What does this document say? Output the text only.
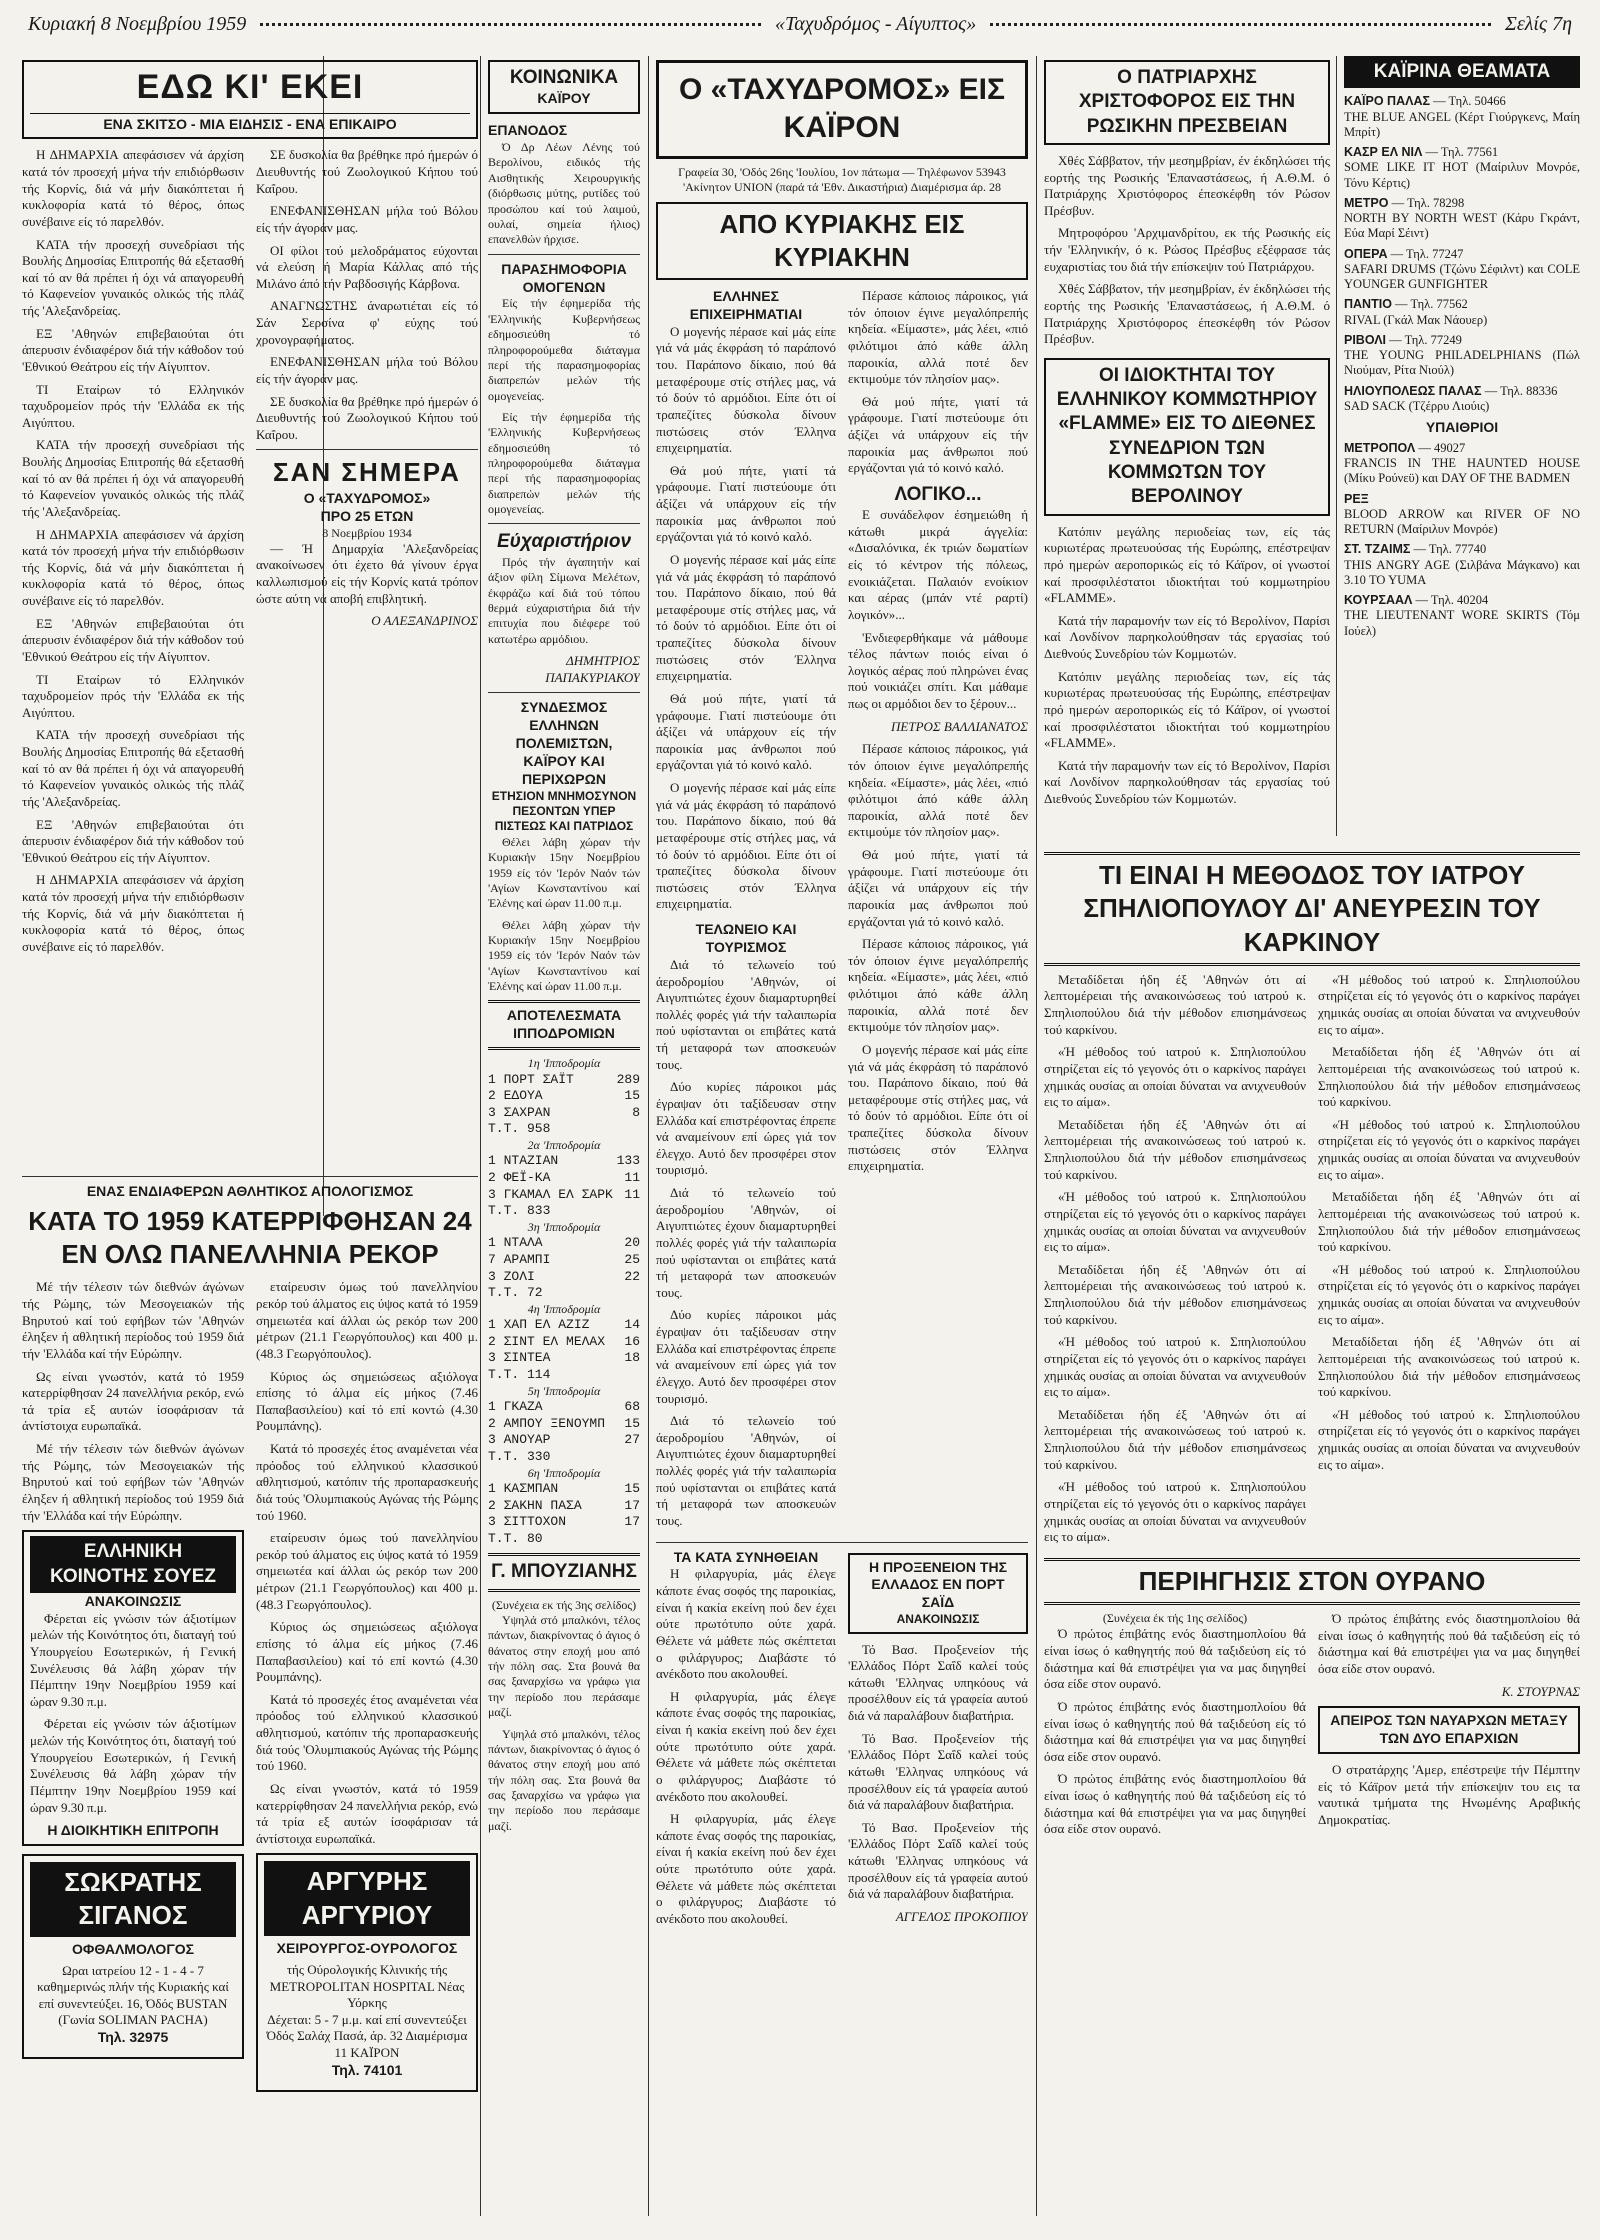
Κυριακή 8 Νοεμβρίου 1959	«Ταχυδρόμος - Αίγυπτος»	Σελίς 7η
ΕΔΩ ΚΙ' ΕΚΕΙ
ΕΝΑ ΣΚΙΤΣΟ - ΜΙΑ ΕΙΔΗΣΙΣ - ΕΝΑ ΕΠΙΚΑΙΡΟ

Η ΔΗΜΑΡΧΙΑ απεφάσισεν νά άρχίση κατά τόν προσεχή μήνα τήν επιδιόρθωσιν τής Κορνίς, διά νά μήν διακόπτεται ή κυκλοφορία κατά τό θέρος, όπως συνέβαινε είς τό παρελθόν.

ΚΑΤΑ τήν προσεχή συνεδρίασι τής Βουλής Δημοσίας Επιτροπής θά εξετασθή καί τό αν θά πρέπει ή όχι νά απαγορευθή τό Καφενείον γυναικός ολικώς τής πλάζ τής 'Αλεξανδρείας.

ΕΞ 'Αθηνών επιβεβαιούται ότι άπερυσιν ένδιαφέρον διά τήν κάθοδον τού 'Εθνικού Θεάτρου είς τήν Αίγυπτον.

ΤΙ Εταίρων τό Ελληνικόν ταχυδρομείον πρός τήν 'Ελλάδα εκ τής Αιγύπτου.

ΚΑΤΑ τήν προσεχή συνεδρίασι τής Βουλής Δημοσίας Επιτροπής θά εξετασθή καί τό αν θά πρέπει ή όχι νά απαγορευθή τό Καφενείον γυναικός ολικώς τής πλάζ τής 'Αλεξανδρείας.

Η ΔΗΜΑΡΧΙΑ απεφάσισεν νά άρχίση κατά τόν προσεχή μήνα τήν επιδιόρθωσιν τής Κορνίς, διά νά μήν διακόπτεται ή κυκλοφορία κατά τό θέρος, όπως συνέβαινε είς τό παρελθόν.

ΕΞ 'Αθηνών επιβεβαιούται ότι άπερυσιν ένδιαφέρον διά τήν κάθοδον τού 'Εθνικού Θεάτρου είς τήν Αίγυπτον.

ΤΙ Εταίρων τό Ελληνικόν ταχυδρομείον πρός τήν 'Ελλάδα εκ τής Αιγύπτου.

ΚΑΤΑ τήν προσεχή συνεδρίασι τής Βουλής Δημοσίας Επιτροπής θά εξετασθή καί τό αν θά πρέπει ή όχι νά απαγορευθή τό Καφενείον γυναικός ολικώς τής πλάζ τής 'Αλεξανδρείας.

ΕΞ 'Αθηνών επιβεβαιούται ότι άπερυσιν ένδιαφέρον διά τήν κάθοδον τού 'Εθνικού Θεάτρου είς τήν Αίγυπτον.

Η ΔΗΜΑΡΧΙΑ απεφάσισεν νά άρχίση κατά τόν προσεχή μήνα τήν επιδιόρθωσιν τής Κορνίς, διά νά μήν διακόπτεται ή κυκλοφορία κατά τό θέρος, όπως συνέβαινε είς τό παρελθόν.

ΣΕ δυσκολία θα βρέθηκε πρό ήμερών ό Διευθυντής τού Ζωολογικού Κήπου τού Καΐρου.

ΕΝΕΦΑΝΙΣΘΗΣΑΝ μήλα τού Βόλου είς τήν άγοράν μας.

ΟΙ φίλοι τού μελοδράματος εύχονται νά ελεύση ή Μαρία Κάλλας από τής Μιλάνο άπό τήν Ραβδοσιγής Κάρβονα.

ΑΝΑΓΝΩΣΤΗΣ άναρωτιέται είς τό Σάν Σερσίνα φ' εύχης τού χρονογραφήματος.

ΕΝΕΦΑΝΙΣΘΗΣΑΝ μήλα τού Βόλου είς τήν άγοράν μας.

ΣΕ δυσκολία θα βρέθηκε πρό ήμερών ό Διευθυντής τού Ζωολογικού Κήπου τού Καΐρου.

ΣΑΝ ΣΗΜΕΡΑ
Ο «ΤΑΧΥΔΡΟΜΟΣ»
ΠΡΟ 25 ΕΤΩΝ
8 Νοεμβρίου 1934

— Ή Δημαρχία 'Αλεξανδρείας ανακοίνωσεν ότι έχετο θά γίνουν έργα καλλωπισμού είς τήν Κορνίς κατά τρόπον ώστε αύτη νά αποβή επιβλητική.

Ο ΑΛΕΞΑΝΔΡΙΝΟΣ
ΕΝΑΣ ΕΝΔΙΑΦΕΡΩΝ ΑΘΛΗΤΙΚΟΣ ΑΠΟΛΟΓΙΣΜΟΣ
ΚΑΤΑ ΤΟ 1959 ΚΑΤΕΡΡΙΦΘΗΣΑΝ 24 ΕΝ ΟΛΩ ΠΑΝΕΛΛΗΝΙΑ ΡΕΚΟΡ

Μέ τήν τέλεσιν τών διεθνών άγώνων τής Ρώμης, τών Μεσογειακών τής Βηρυτού καί τού εφήβων τών 'Αθηνών έληξεν ή αθλητική περίοδος τού 1959 διά τήν 'Ελλάδα καί τήν Εύρώπην.

Ως είναι γνωστόν, κατά τό 1959 κατερρίφθησαν 24 πανελλήνια ρεκόρ, ενώ τά τρία εξ αυτών ίσοφάρισαν τά άντίστοιχα ευρωπαϊκά.

Μέ τήν τέλεσιν τών διεθνών άγώνων τής Ρώμης, τών Μεσογειακών τής Βηρυτού καί τού εφήβων τών 'Αθηνών έληξεν ή αθλητική περίοδος τού 1959 διά τήν 'Ελλάδα καί τήν Εύρώπην.

ΕΛΛΗΝΙΚΗ ΚΟΙΝΟΤΗΣ ΣΟΥΕΖ
ΑΝΑΚΟΙΝΩΣΙΣ

Φέρεται είς γνώσιν τών άξιοτίμων μελών τής Κοινότητος ότι, διαταγή τού Υπουργείου Εσωτερικών, ή Γενική Συνέλευσις θά λάβη χώραν τήν Πέμπτην 19ην Νοεμβρίου 1959 καί ώραν 9.30 π.μ.

Φέρεται είς γνώσιν τών άξιοτίμων μελών τής Κοινότητος ότι, διαταγή τού Υπουργείου Εσωτερικών, ή Γενική Συνέλευσις θά λάβη χώραν τήν Πέμπτην 19ην Νοεμβρίου 1959 καί ώραν 9.30 π.μ.

Η ΔΙΟΙΚΗΤΙΚΗ ΕΠΙΤΡΟΠΗ
ΣΩΚΡΑΤΗΣ ΣΙΓΑΝΟΣ
ΟΦΘΑΛΜΟΛΟΓΟΣ
Ωραι ιατρείου 12 - 1 - 4 - 7
καθημερινώς πλήν τής Κυριακής καί επί συνεντεύξει. 16, Όδός BUSTAN (Γωνία SOLIMAN PACHA)
Τηλ. 32975

εταίρευσιν όμως τού πανελληνίου ρεκόρ τού άλματος εις ύψος κατά τό 1959 σημειωτέα καί άλλαι ώς ρεκόρ των 200 μέτρων (21.1 Γεωργόπουλος) και 400 μ. (48.3 Γεωργόπουλος).

Κύριος ώς σημειώσεως αξιόλογα επίσης τό άλμα είς μήκος (7.46 Παπαβασιλείου) καί τό επί κοντώ (4.30 Ρουμπάνης).

Κατά τό προσεχές έτος αναμένεται νέα πρόοδος τού ελληνικού κλασσικού αθλητισμού, κατόπιν τής προπαρασκευής διά τούς 'Ολυμπιακούς Αγώνας τής Ρώμης τού 1960.

εταίρευσιν όμως τού πανελληνίου ρεκόρ τού άλματος εις ύψος κατά τό 1959 σημειωτέα καί άλλαι ώς ρεκόρ των 200 μέτρων (21.1 Γεωργόπουλος) και 400 μ. (48.3 Γεωργόπουλος).

Κύριος ώς σημειώσεως αξιόλογα επίσης τό άλμα είς μήκος (7.46 Παπαβασιλείου) καί τό επί κοντώ (4.30 Ρουμπάνης).

Κατά τό προσεχές έτος αναμένεται νέα πρόοδος τού ελληνικού κλασσικού αθλητισμού, κατόπιν τής προπαρασκευής διά τούς 'Ολυμπιακούς Αγώνας τής Ρώμης τού 1960.

Ως είναι γνωστόν, κατά τό 1959 κατερρίφθησαν 24 πανελλήνια ρεκόρ, ενώ τά τρία εξ αυτών ίσοφάρισαν τά άντίστοιχα ευρωπαϊκά.

ΑΡΓΥΡΗΣ ΑΡΓΥΡΙΟΥ
ΧΕΙΡΟΥΡΓΟΣ-ΟΥΡΟΛΟΓΟΣ
τής Ούρολογικής Κλινικής τής METROPOLITAN HOSPITAL Νέας Υόρκης
Δέχεται: 5 - 7 μ.μ. καί επί συνεντεύξει
Όδός Σαλάχ Πασά, άρ. 32 Διαμέρισμα 11 ΚΑΪΡΟΝ
Τηλ. 74101
ΚΟΙΝΩΝΙΚΑ
ΚΑΪΡΟΥ
ΕΠΑΝΟΔΟΣ

Ό Δρ Λέων Λένης τού Βερολίνου, ειδικός τής Αισθητικής Χειρουργικής (διόρθωσις μύτης, ρυτίδες τού προσώπου καί τού λαιμού, ουλαί, σημεία ήλιος) επανελθών ήρχισε.

ΠΑΡΑΣΗΜΟΦΟΡΙΑ ΟΜΟΓΕΝΩΝ

Είς τήν έφημερίδα τής 'Ελληνικής Κυβερνήσεως εδημοσιεύθη τό πληροφορούμεθα διάταγμα περί τής παρασημοφορίας διαπρεπών μελών τής ομογενείας.

Είς τήν έφημερίδα τής 'Ελληνικής Κυβερνήσεως εδημοσιεύθη τό πληροφορούμεθα διάταγμα περί τής παρασημοφορίας διαπρεπών μελών τής ομογενείας.

Εύχαριστήριον

Πρός τήν άγαπητήν καί άξιον φίλη Σίμωνα Μελέτων, έκφράζω καί διά τού τόπου θερμά εύχαριστήρια διά τήν επιτυχία που διέφερε τού κατωτέρω αρμόδιου.

ΔΗΜΗΤΡΙΟΣ ΠΑΠΑΚΥΡΙΑΚΟΥ
ΣΥΝΔΕΣΜΟΣ ΕΛΛΗΝΩΝ ΠΟΛΕΜΙΣΤΩΝ, ΚΑΪΡΟΥ ΚΑΙ ΠΕΡΙΧΩΡΩΝ
ΕΤΗΣΙΟΝ ΜΝΗΜΟΣΥΝΟΝ ΠΕΣΟΝΤΩΝ ΥΠΕΡ ΠΙΣΤΕΩΣ ΚΑΙ ΠΑΤΡΙΔΟΣ

Θέλει λάβη χώραν τήν Κυριακήν 15ην Νοεμβρίου 1959 είς τόν 'Ιερόν Ναόν τών 'Αγίων Κωνσταντίνου καί Έλένης καί ώραν 11.00 π.μ.

Θέλει λάβη χώραν τήν Κυριακήν 15ην Νοεμβρίου 1959 είς τόν 'Ιερόν Ναόν τών 'Αγίων Κωνσταντίνου καί Έλένης καί ώραν 11.00 π.μ.

ΑΠΟΤΕΛΕΣΜΑΤΑ ΙΠΠΟΔΡΟΜΙΩΝ
1η 'Ιπποδρομία
1 ΠΟΡΤ ΣΑΪΤ	289
2 ΕΔΟΥΑ	15
3 ΣΑΧΡΑΝ	8
Τ.Τ. 958
2α 'Ιπποδρομία
1 ΝΤΑΖΙΑΝ	133
2 ΦΕΪ-ΚΑ	11
3 ΓΚΑΜΑΛ ΕΛ ΣΑΡΚ 11
Τ.Τ. 833
3η 'Ιπποδρομία
1 ΝΤΑΛΑ	20
7 ΑΡΑΜΠΙ	25
3 ΖΟΛΙ	22
Τ.Τ. 72
4η 'Ιπποδρομία
1 ΧΑΠ ΕΛ ΑΖΙΖ	14
2 ΣΙΝΤ ΕΛ ΜΕΛΑΧ 16
3 ΣΙΝΤΕΑ	18
Τ.Τ. 114
5η 'Ιπποδρομία
1 ΓΚΑΖΑ	68
2 ΑΜΠΟΥ ΞΕΝΟΥΜΠ 15
3 ΑΝΟΥΑΡ	27
Τ.Τ. 330
6η 'Ιπποδρομία
1 ΚΑΣΜΠΑΝ	15
2 ΣΑΚΗΝ ΠΑΣΑ	17
3 ΣΙΤΤΟΧΟΝ	17
Τ.Τ. 80
Γ. ΜΠΟΥΖΙΑΝΗΣ
(Συνέχεια εκ τής 3ης σελίδος)

Υψηλά στό μπαλκόνι, τέλος πάντων, διακρίνοντας ό άγιος ό θάνατος στην εποχή μου από τήν πόλη σας. Στα βουνά θα σας ξαναρχίσω να γράφω για την περίοδο που περάσαμε μαζί.

Υψηλά στό μπαλκόνι, τέλος πάντων, διακρίνοντας ό άγιος ό θάνατος στην εποχή μου από τήν πόλη σας. Στα βουνά θα σας ξαναρχίσω να γράφω για την περίοδο που περάσαμε μαζί.

Ο «ΤΑΧΥΔΡΟΜΟΣ» ΕΙΣ ΚΑΪΡΟΝ
Γραφεία 30, 'Οδός 26ης 'Ιουλίου, 1ον πάτωμα — Τηλέφωνον 53943 'Ακίνητον UNION (παρά τά 'Εθν. Δικαστήρια) Διαμέρισμα άρ. 28
ΑΠΟ ΚΥΡΙΑΚΗΣ ΕΙΣ ΚΥΡΙΑΚΗΝ
ΕΛΛΗΝΕΣ ΕΠΙΧΕΙΡΗΜΑΤΙΑΙ

Ο μογενής πέρασε καί μάς είπε γιά νά μάς έκφράση τό παράπονό του. Παράπονο δίκαιο, πού θά μεταφέρουμε στίς στήλες μας, νά τό δούν τό αρμόδιοι. Είπε ότι οί τραπεζίτες δύσκολα δίνουν πιστώσεις στόν Έλληνα επιχειρηματία.

Θά μού πήτε, γιατί τά γράφουμε. Γιατί πιστεύουμε ότι άξίζει νά υπάρχουν είς τήν παροικία μας άνθρωποι πού εργάζονται γιά τό κοινό καλό.

Ο μογενής πέρασε καί μάς είπε γιά νά μάς έκφράση τό παράπονό του. Παράπονο δίκαιο, πού θά μεταφέρουμε στίς στήλες μας, νά τό δούν τό αρμόδιοι. Είπε ότι οί τραπεζίτες δύσκολα δίνουν πιστώσεις στόν Έλληνα επιχειρηματία.

Θά μού πήτε, γιατί τά γράφουμε. Γιατί πιστεύουμε ότι άξίζει νά υπάρχουν είς τήν παροικία μας άνθρωποι πού εργάζονται γιά τό κοινό καλό.

Ο μογενής πέρασε καί μάς είπε γιά νά μάς έκφράση τό παράπονό του. Παράπονο δίκαιο, πού θά μεταφέρουμε στίς στήλες μας, νά τό δούν τό αρμόδιοι. Είπε ότι οί τραπεζίτες δύσκολα δίνουν πιστώσεις στόν Έλληνα επιχειρηματία.

ΤΕΛΩΝΕΙΟ ΚΑΙ ΤΟΥΡΙΣΜΟΣ

Διά τό τελωνείο τού άεροδρομίου 'Αθηνών, οί Αιγυπτιώτες έχουν διαμαρτυρηθεί πολλές φορές γιά τήν ταλαιπωρία πού υφίστανται οι επιβάτες κατά τή μεταφορά των αποσκευών τους.

Δύο κυρίες πάροικοι μάς έγραψαν ότι ταξίδευσαν στην Ελλάδα καί επιστρέφοντας έπρεπε νά αναμείνουν επί ώρες γιά τον έλεγχο. Αυτό δεν προσφέρει στον τουρισμό.

Διά τό τελωνείο τού άεροδρομίου 'Αθηνών, οί Αιγυπτιώτες έχουν διαμαρτυρηθεί πολλές φορές γιά τήν ταλαιπωρία πού υφίστανται οι επιβάτες κατά τή μεταφορά των αποσκευών τους.

Δύο κυρίες πάροικοι μάς έγραψαν ότι ταξίδευσαν στην Ελλάδα καί επιστρέφοντας έπρεπε νά αναμείνουν επί ώρες γιά τον έλεγχο. Αυτό δεν προσφέρει στον τουρισμό.

Διά τό τελωνείο τού άεροδρομίου 'Αθηνών, οί Αιγυπτιώτες έχουν διαμαρτυρηθεί πολλές φορές γιά τήν ταλαιπωρία πού υφίστανται οι επιβάτες κατά τή μεταφορά των αποσκευών τους.

Πέρασε κάποιος πάροικος, γιά τόν όποιον έγινε μεγαλόπρεπής κηδεία. «Είμαστε», μάς λέει, «πιό φιλότιμοι άπό κάθε άλλη παροικία, αλλά ποτέ δεν εκτιμούμε τόν πλησίον μας».

Θά μού πήτε, γιατί τά γράφουμε. Γιατί πιστεύουμε ότι άξίζει νά υπάρχουν είς τήν παροικία μας άνθρωποι πού εργάζονται γιά τό κοινό καλό.

ΛΟΓΙΚΟ...

Ε συνάδελφον έσημειώθη ή κάτωθι μικρά άγγελία: «Δισαλόνικα, έκ τριών δωματίων είς τό κέντρον τής πόλεως, ενοικιάζεται. Παλαιόν ενοίκιον και αέρας (μπάν ντέ ραρτί) λογικόν»...

'Ενδιεφερθήκαμε νά μάθουμε τέλος πάντων ποιός είναι ό λογικός αέρας πού πληρώνει ένας πού νοικιάζει σπίτι. Και μάθαμε πως οι αρμόδιοι δεν το ξέρουν...

ΠΕΤΡΟΣ ΒΑΛΛΙΑΝΑΤΟΣ

Πέρασε κάποιος πάροικος, γιά τόν όποιον έγινε μεγαλόπρεπής κηδεία. «Είμαστε», μάς λέει, «πιό φιλότιμοι άπό κάθε άλλη παροικία, αλλά ποτέ δεν εκτιμούμε τόν πλησίον μας».

Θά μού πήτε, γιατί τά γράφουμε. Γιατί πιστεύουμε ότι άξίζει νά υπάρχουν είς τήν παροικία μας άνθρωποι πού εργάζονται γιά τό κοινό καλό.

Πέρασε κάποιος πάροικος, γιά τόν όποιον έγινε μεγαλόπρεπής κηδεία. «Είμαστε», μάς λέει, «πιό φιλότιμοι άπό κάθε άλλη παροικία, αλλά ποτέ δεν εκτιμούμε τόν πλησίον μας».

Ο μογενής πέρασε καί μάς είπε γιά νά μάς έκφράση τό παράπονό του. Παράπονο δίκαιο, πού θά μεταφέρουμε στίς στήλες μας, νά τό δούν τό αρμόδιοι. Είπε ότι οί τραπεζίτες δύσκολα δίνουν πιστώσεις στόν Έλληνα επιχειρηματία.

ΤΑ ΚΑΤΑ ΣΥΝΗΘΕΙΑΝ

Η φιλαργυρία, μάς έλεγε κάποτε ένας σοφός της παροικίας, είναι ή κακία εκείνη πού δεν έχει ούτε πρωτότυπο ούτε χαρά. Θέλετε νά μάθετε πώς σκέπτεται ο φιλάργυρος; Διαβάστε τό ανέκδοτο που ακολουθεί.

Η φιλαργυρία, μάς έλεγε κάποτε ένας σοφός της παροικίας, είναι ή κακία εκείνη πού δεν έχει ούτε πρωτότυπο ούτε χαρά. Θέλετε νά μάθετε πώς σκέπτεται ο φιλάργυρος; Διαβάστε τό ανέκδοτο που ακολουθεί.

Η φιλαργυρία, μάς έλεγε κάποτε ένας σοφός της παροικίας, είναι ή κακία εκείνη πού δεν έχει ούτε πρωτότυπο ούτε χαρά. Θέλετε νά μάθετε πώς σκέπτεται ο φιλάργυρος; Διαβάστε τό ανέκδοτο που ακολουθεί.

Η ΠΡΟΞΕΝΕΙΟΝ ΤΗΣ ΕΛΛΑΔΟΣ ΕΝ ΠΟΡΤ ΣΑΪΔ
ΑΝΑΚΟΙΝΩΣΙΣ

Τό Βασ. Προξενείον τής 'Ελλάδος Πόρτ Σαΐδ καλεί τούς κάτωθι 'Ελληνας υπηκόους νά προσέλθουν είς τά γραφεία αυτού διά νά παραλάβουν διαβατήρια.

Τό Βασ. Προξενείον τής 'Ελλάδος Πόρτ Σαΐδ καλεί τούς κάτωθι 'Ελληνας υπηκόους νά προσέλθουν είς τά γραφεία αυτού διά νά παραλάβουν διαβατήρια.

Τό Βασ. Προξενείον τής 'Ελλάδος Πόρτ Σαΐδ καλεί τούς κάτωθι 'Ελληνας υπηκόους νά προσέλθουν είς τά γραφεία αυτού διά νά παραλάβουν διαβατήρια.

ΑΓΓΕΛΟΣ ΠΡΟΚΟΠΙΟΥ
Ο ΠΑΤΡΙΑΡΧΗΣ ΧΡΙΣΤΟΦΟΡΟΣ ΕΙΣ ΤΗΝ ΡΩΣΙΚΗΝ ΠΡΕΣΒΕΙΑΝ

Χθές Σάββατον, τήν μεσημβρίαν, έν έκδηλώσει τής εορτής της Ρωσικής 'Επαναστάσεως, ή Α.Θ.Μ. ό Πατριάρχης Χριστόφορος έπεσκέφθη τόν Ρώσον Πρέσβυν.

Μητροφόρου 'Αρχιμανδρίτου, εκ τής Ρωσικής είς τήν 'Ελληνικήν, ό κ. Ρώσος Πρέσβυς εξέφρασε τάς ευχαριστίας του διά τήν επίσκεψιν τού Πατριάρχου.

Χθές Σάββατον, τήν μεσημβρίαν, έν έκδηλώσει τής εορτής της Ρωσικής 'Επαναστάσεως, ή Α.Θ.Μ. ό Πατριάρχης Χριστόφορος έπεσκέφθη τόν Ρώσον Πρέσβυν.

ΟΙ ΙΔΙΟΚΤΗΤΑΙ ΤΟΥ ΕΛΛΗΝΙΚΟΥ ΚΟΜΜΩΤΗΡΙΟΥ «FLAMME» ΕΙΣ ΤΟ ΔΙΕΘΝΕΣ ΣΥΝΕΔΡΙΟΝ ΤΩΝ ΚΟΜΜΩΤΩΝ ΤΟΥ ΒΕΡΟΛΙΝΟΥ

Κατόπιν μεγάλης περιοδείας των, είς τάς κυριωτέρας πρωτευούσας τής Ευρώπης, επέστρεψαν πρό ημερών αεροπορικώς είς τό Κάϊρον, οί γνωστοί καί προσφιλέστατοι ιδιοκτήται τού κομμωτηρίου «FLAMME».

Κατά τήν παραμονήν των είς τό Βερολίνον, Παρίσι καί Λονδίνον παρηκολούθησαν τάς εργασίας τού Διεθνούς Συνεδρίου τών Κομμωτών.

Κατόπιν μεγάλης περιοδείας των, είς τάς κυριωτέρας πρωτευούσας τής Ευρώπης, επέστρεψαν πρό ημερών αεροπορικώς είς τό Κάϊρον, οί γνωστοί καί προσφιλέστατοι ιδιοκτήται τού κομμωτηρίου «FLAMME».

Κατά τήν παραμονήν των είς τό Βερολίνον, Παρίσι καί Λονδίνον παρηκολούθησαν τάς εργασίας τού Διεθνούς Συνεδρίου τών Κομμωτών.

ΚΑΪΡΙΝΑ ΘΕΑΜΑΤΑ
ΚΑΪΡΟ ΠΑΛΑΣ — Τηλ. 50466
THE BLUE ANGEL (Κέρτ Γιούργκενς, Μαίη Μπρίτ)
ΚΑΣΡ ΕΛ ΝΙΛ — Τηλ. 77561
SOME LIKE IT HOT (Μαίριλυν Μονρόε, Τόνυ Κέρτις)
ΜΕΤΡΟ — Τηλ. 78298
NORTH BY NORTH WEST (Κάρυ Γκράντ, Εύα Μαρί Σέιντ)
ΟΠΕΡΑ — Τηλ. 77247
SAFARI DRUMS (Τζώνυ Σέφιλντ) και COLE YOUNGER GUNFIGHTER
ΠΑΝΤΙΟ — Τηλ. 77562
RIVAL (Γκάλ Μακ Νάουερ)
ΡΙΒΟΛΙ — Τηλ. 77249
THE YOUNG PHILADELPHIANS (Πώλ Νιούμαν, Ρίτα Νιούλ)
ΗΛΙΟΥΠΟΛΕΩΣ ΠΑΛΑΣ — Τηλ. 88336
SAD SACK (Τζέρρυ Λιούις)
ΥΠΑΙΘΡΙΟΙ
ΜΕΤΡΟΠΟΛ — 49027
FRANCIS IN THE HAUNTED HOUSE (Μίκυ Ρούνεϋ) και DAY OF THE BADMEN
ΡΕΞ
BLOOD ARROW και RIVER OF NO RETURN (Μαίριλυν Μονρόε)
ΣΤ. ΤΖΑΙΜΣ — Τηλ. 77740
THIS ANGRY AGE (Σιλβάνα Μάγκανο) και 3.10 TO YUMA
ΚΟΥΡΣΑΑΛ — Τηλ. 40204
THE LIEUTENANT WORE SKIRTS (Τόμ Ιούελ)
ΤΙ ΕΙΝΑΙ Η ΜΕΘΟΔΟΣ ΤΟΥ ΙΑΤΡΟΥ ΣΠΗΛΙΟΠΟΥΛΟΥ ΔΙ' ΑΝΕΥΡΕΣΙΝ ΤΟΥ ΚΑΡΚΙΝΟΥ

Μεταδίδεται ήδη έξ 'Αθηνών ότι αί λεπτομέρειαι τής ανακοινώσεως τού ιατρού κ. Σπηλιοπούλου διά τήν μέθοδον επισημάνσεως τού καρκίνου.

«Ή μέθοδος τού ιατρού κ. Σπηλιοπούλου στηρίζεται είς τό γεγονός ότι ο καρκίνος παράγει χημικάς ουσίας αι οποίαι δύναται να ανιχνευθούν εις το αίμα».

Μεταδίδεται ήδη έξ 'Αθηνών ότι αί λεπτομέρειαι τής ανακοινώσεως τού ιατρού κ. Σπηλιοπούλου διά τήν μέθοδον επισημάνσεως τού καρκίνου.

«Ή μέθοδος τού ιατρού κ. Σπηλιοπούλου στηρίζεται είς τό γεγονός ότι ο καρκίνος παράγει χημικάς ουσίας αι οποίαι δύναται να ανιχνευθούν εις το αίμα».

Μεταδίδεται ήδη έξ 'Αθηνών ότι αί λεπτομέρειαι τής ανακοινώσεως τού ιατρού κ. Σπηλιοπούλου διά τήν μέθοδον επισημάνσεως τού καρκίνου.

«Ή μέθοδος τού ιατρού κ. Σπηλιοπούλου στηρίζεται είς τό γεγονός ότι ο καρκίνος παράγει χημικάς ουσίας αι οποίαι δύναται να ανιχνευθούν εις το αίμα».

Μεταδίδεται ήδη έξ 'Αθηνών ότι αί λεπτομέρειαι τής ανακοινώσεως τού ιατρού κ. Σπηλιοπούλου διά τήν μέθοδον επισημάνσεως τού καρκίνου.

«Ή μέθοδος τού ιατρού κ. Σπηλιοπούλου στηρίζεται είς τό γεγονός ότι ο καρκίνος παράγει χημικάς ουσίας αι οποίαι δύναται να ανιχνευθούν εις το αίμα».

«Ή μέθοδος τού ιατρού κ. Σπηλιοπούλου στηρίζεται είς τό γεγονός ότι ο καρκίνος παράγει χημικάς ουσίας αι οποίαι δύναται να ανιχνευθούν εις το αίμα».

Μεταδίδεται ήδη έξ 'Αθηνών ότι αί λεπτομέρειαι τής ανακοινώσεως τού ιατρού κ. Σπηλιοπούλου διά τήν μέθοδον επισημάνσεως τού καρκίνου.

«Ή μέθοδος τού ιατρού κ. Σπηλιοπούλου στηρίζεται είς τό γεγονός ότι ο καρκίνος παράγει χημικάς ουσίας αι οποίαι δύναται να ανιχνευθούν εις το αίμα».

Μεταδίδεται ήδη έξ 'Αθηνών ότι αί λεπτομέρειαι τής ανακοινώσεως τού ιατρού κ. Σπηλιοπούλου διά τήν μέθοδον επισημάνσεως τού καρκίνου.

«Ή μέθοδος τού ιατρού κ. Σπηλιοπούλου στηρίζεται είς τό γεγονός ότι ο καρκίνος παράγει χημικάς ουσίας αι οποίαι δύναται να ανιχνευθούν εις το αίμα».

Μεταδίδεται ήδη έξ 'Αθηνών ότι αί λεπτομέρειαι τής ανακοινώσεως τού ιατρού κ. Σπηλιοπούλου διά τήν μέθοδον επισημάνσεως τού καρκίνου.

«Ή μέθοδος τού ιατρού κ. Σπηλιοπούλου στηρίζεται είς τό γεγονός ότι ο καρκίνος παράγει χημικάς ουσίας αι οποίαι δύναται να ανιχνευθούν εις το αίμα».

ΠΕΡΙΗΓΗΣΙΣ ΣΤΟΝ ΟΥΡΑΝΟ
(Συνέχεια έκ τής 1ης σελίδος)

Ό πρώτος έπιβάτης ενός διαστημοπλοίου θά είναι ίσως ό καθηγητής πού θά ταξιδεύση είς τό διάστημα καί θά επιστρέψει για να μας διηγηθεί όσα είδε στον ουρανό.

Ό πρώτος έπιβάτης ενός διαστημοπλοίου θά είναι ίσως ό καθηγητής πού θά ταξιδεύση είς τό διάστημα καί θά επιστρέψει για να μας διηγηθεί όσα είδε στον ουρανό.

Ό πρώτος έπιβάτης ενός διαστημοπλοίου θά είναι ίσως ό καθηγητής πού θά ταξιδεύση είς τό διάστημα καί θά επιστρέψει για να μας διηγηθεί όσα είδε στον ουρανό.

Ό πρώτος έπιβάτης ενός διαστημοπλοίου θά είναι ίσως ό καθηγητής πού θά ταξιδεύση είς τό διάστημα καί θά επιστρέψει για να μας διηγηθεί όσα είδε στον ουρανό.

Κ. ΣΤΟΥΡΝΑΣ
ΑΠΕΙΡΟΣ ΤΩΝ ΝΑΥΑΡΧΩΝ ΜΕΤΑΞΥ ΤΩΝ ΔΥΟ ΕΠΑΡΧΙΩΝ

Ο στρατάρχης 'Αμερ, επέστρεψε τήν Πέμπτην είς τό Κάϊρον μετά τήν επίσκεψιν του εις τα ναυτικά τμήματα της Ηνωμένης Αραβικής Δημοκρατίας.
